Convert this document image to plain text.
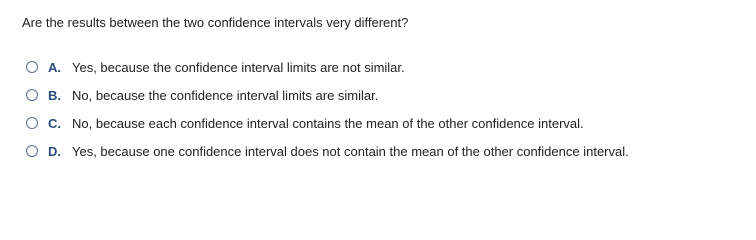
Are the results between the two confidence intervals very different?
A. Yes, because the confidence interval limits are not similar.
B. No, because the confidence interval limits are similar.
C. No, because each confidence interval contains the mean of the other confidence interval.
D. Yes, because one confidence interval does not contain the mean of the other confidence interval.
